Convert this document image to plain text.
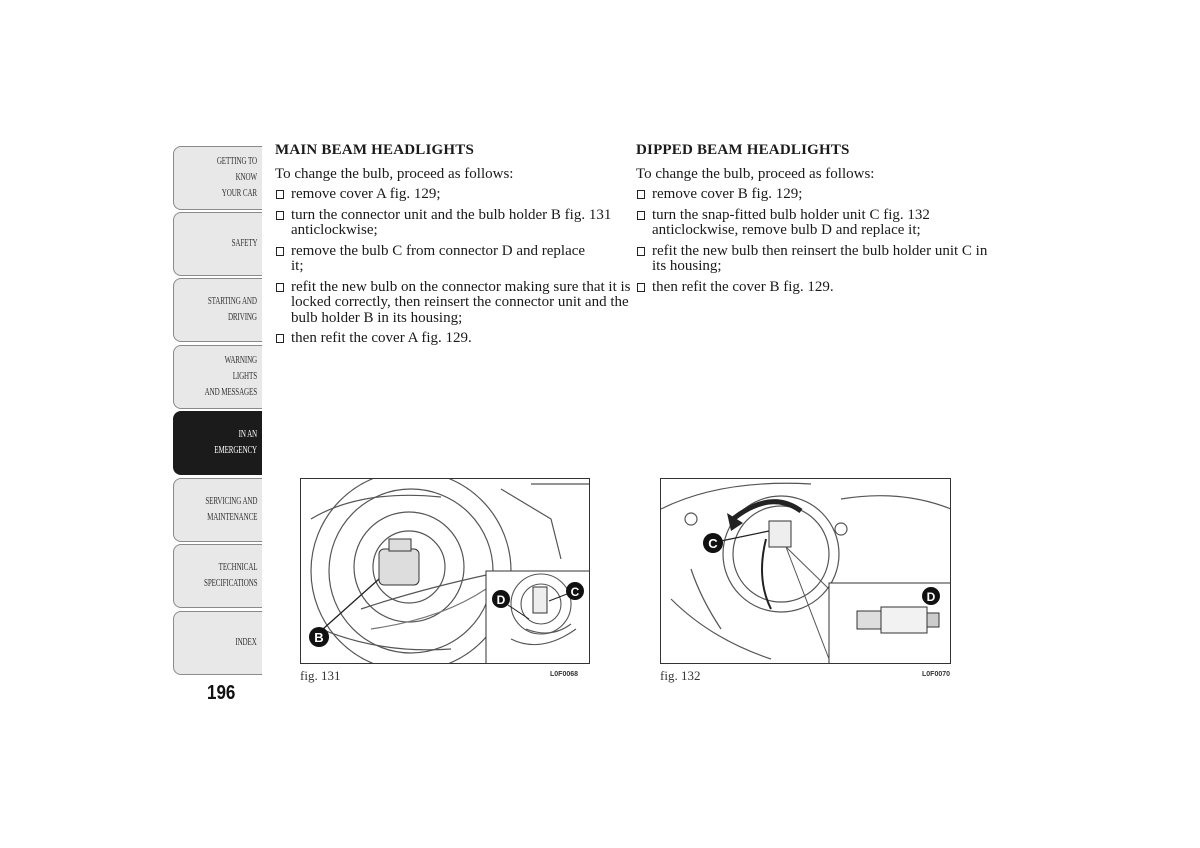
GETTING TO KNOW
YOUR CAR
SAFETY
STARTING AND
DRIVING
WARNING LIGHTS
AND MESSAGES
IN AN EMERGENCY
SERVICING AND
MAINTENANCE
TECHNICAL
SPECIFICATIONS
INDEX
196
MAIN BEAM HEADLIGHTS
To change the bulb, proceed as follows:
remove cover A fig. 129;
turn the connector unit and the bulb holder B fig. 131 anticlockwise;
remove the bulb C from connector D and replace it;
refit the new bulb on the connector making sure that it is locked correctly, then reinsert the connector unit and the bulb holder B in its housing;
then refit the cover A fig. 129.
DIPPED BEAM HEADLIGHTS
To change the bulb, proceed as follows:
remove cover B fig. 129;
turn the snap-fitted bulb holder unit C fig. 132 anticlockwise, remove bulb D and replace it;
refit the new bulb then reinsert the bulb holder unit C in its housing;
then refit the cover B fig. 129.
B
D
C
fig. 131	L0F0068
C
D
fig. 132	L0F0070
